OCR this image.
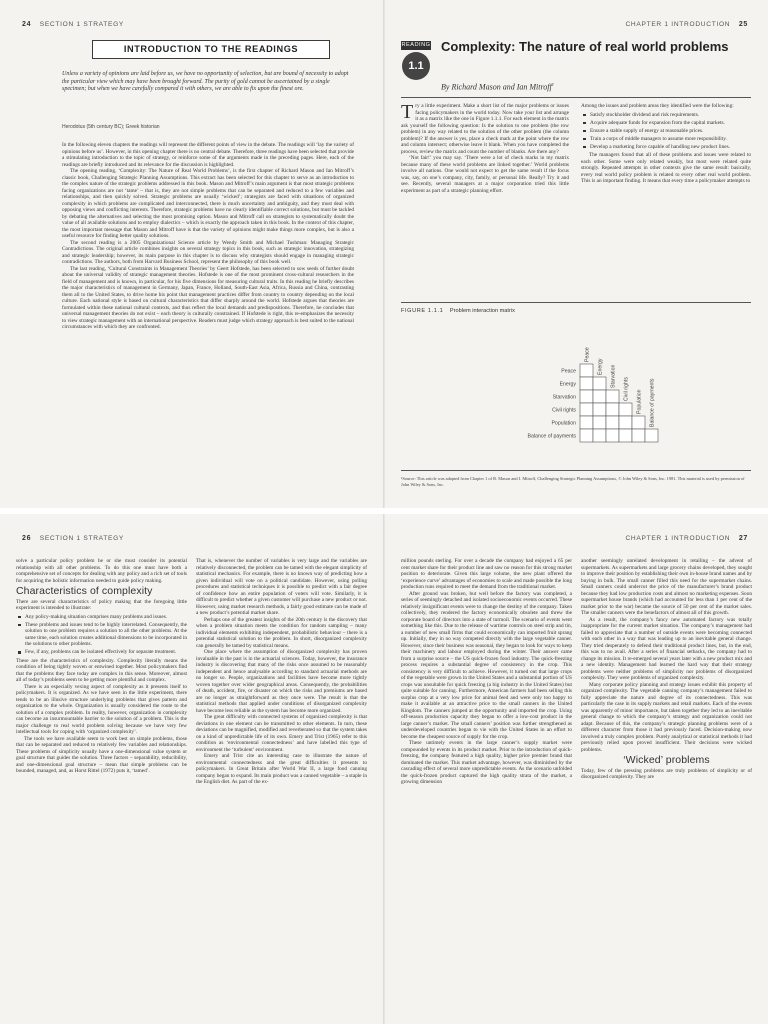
24 SECTION 1 STRATEGY
INTRODUCTION TO THE READINGS
Unless a variety of opinions are laid before us, we have no opportunity of selection, but are bound of necessity to adopt the particular view which may have been brought forward. The purity of gold cannot be ascertained by a single specimen; but when we have carefully compared it with others, we are able to fix upon the finest ore.
Herodotus (5th century BC); Greek historian

In the following eleven chapters the readings will represent the different points of view in the debate. The readings will ‘lay the variety of opinions before us’. However, in this opening chapter there is no central debate. Therefore, three readings have been selected that provide a stimulating introduction to the topic of strategy, or reinforce some of the arguments made in the preceding pages. Here, each of the readings are briefly introduced and its relevance for the discussion is highlighted.

The opening reading, ‘Complexity: The Nature of Real World Problems’, is the first chapter of Richard Mason and Ian Mitroff’s classic book, Challenging Strategic Planning Assumptions. This extract has been selected for this chapter to serve as an introduction to the complex nature of the strategic problems addressed in this book. Mason and Mitroff’s main argument is that most strategic problems facing organizations are not ‘tame’ – that is, they are not simple problems that can be separated and reduced to a few variables and relationships, and then quickly solved. Strategic problems are usually ‘wicked’; strategists are faced with situations of organized complexity in which problems are complicated and interconnected, there is much uncertainty and ambiguity, and they must deal with opposing views and conflicting interests. Therefore, strategic problems have no clearly identifiable correct solutions, but must be tackled by debating the alternatives and selecting the most promising option. Mason and Mitroff call on strategists to systematically doubt the value of all available solutions and to employ dialectics – which is exactly the approach taken in this book. In the context of this chapter, the most important message that Mason and Mitroff have is that the variety of opinions might make things more complex, but is also a useful resource for finding better quality solutions.

The second reading is a 2005 Organizational Science article by Wendy Smith and Michael Tushman: Managing Strategic Contradictions. The original article combines insights on several strategy topics in this book, such as strategic innovation, strategizing and strategic leadership; however, its main purpose in this chapter is to discuss why strategists should engage in managing strategic contradictions. The authors, both from Harvard Business School, represent the philosophy of this book well.

The last reading, ‘Cultural Constraints in Management Theories’ by Geert Hofstede, has been selected to sow seeds of further doubt about the universal validity of strategic management theories. Hofstede is one of the most prominent cross-cultural researchers in the field of management and is known, in particular, for his five dimensions for measuring cultural traits. In this reading he briefly describes the major characteristics of management in Germany, Japan, France, Holland, South-East Asia, Africa, Russia and China, contrasting them all to the United States, to drive home his point that management practices differ from country to country depending on the local culture. Each national style is based on cultural characteristics that differ sharply around the world. Hofstede argues that theories are formulated within these national cultural contexts, and thus reflect the local demands and predispositions. Therefore, he concludes that universal management theories do not exist – each theory is culturally constrained. If Hofstede is right, this re-emphasizes the necessity to view strategic management with an international perspective. Readers must judge which strategy approach is best suited to the national circumstances with which they are confronted.

CHAPTER 1 INTRODUCTION 25
READING
1.1
Complexity: The nature of real world problems
By Richard Mason and Ian Mitroff$^1$

Try a little experiment. Make a short list of the major problems or issues facing policymakers in the world today. Now take your list and arrange it as a matrix like the one in Figure 1.1.1. For each element in the matrix ask yourself the following question: Is the solution to one problem (the row problem) in any way related to the solution of the other problem (the column problem)? If the answer is yes, place a check mark at the point where the row and column intersect; otherwise leave it blank. When you have completed the process, review the matrix and count the number of blanks. Are there any?

‘Not fair!’ you may say. ‘There were a lot of check marks in my matrix because many of these world problems are linked together.’ World problems involve all nations. One would not expect to get the same result if the focus was, say, on one’s company, city, family, or personal life. Really? Try it and see. Recently, several managers at a major corporation tried this little experiment as part of a strategic planning effort.

Among the issues and problem areas they identified were the following:

Satisfy stockholder dividend and risk requirements.
Acquire adequate funds for expansion from the capital markets.
Ensure a stable supply of energy at reasonable prices.
Train a corps of middle managers to assume more responsibility.
Develop a marketing force capable of handling new product lines.

The managers found that all of these problems and issues were related to each other. Some were only related weakly, but most were related quite strongly. Repeated attempts in other contexts give the same result: basically, every real world policy problem is related to every other real world problem. This is an important finding. It means that every time a policymaker attempts to

FIGURE 1.1.1 Problem interaction matrix
Peace
Energy Starvation
Civil rights
Population Balance of payments
Peace
Energy
Starvation
Civil rights
Population
Balance of payments
¹Source: This article was adapted from Chapter 1 of R. Mason and I. Mitroff, Challenging Strategic Planning Assumptions, © John Wiley & Sons, Inc. 1981. This material is used by permission of John Wiley & Sons, Inc.
26 SECTION 1 STRATEGY

solve a particular policy problem he or she must consider its potential relationship with all other problems. To do this one must have both a comprehensive set of concepts for dealing with any policy and a rich set of tools for acquiring the holistic information needed to guide policy making.

Characteristics of complexity

There are several characteristics of policy making that the foregoing little experiment is intended to illustrate:

Any policy-making situation comprises many problems and issues.
These problems and issues tend to be highly interrelated. Consequently, the solution to one problem requires a solution to all the other problems. At the same time, each solution creates additional dimensions to be incorporated in the solutions to other problems.
Few, if any, problems can be isolated effectively for separate treatment.

These are the characteristics of complexity. Complexity literally means the condition of being tightly woven or entwined together. Most policymakers find that the problems they face today are complex in this sense. Moreover, almost all of today’s problems seem to be getting more plentiful and complex.

There is an especially vexing aspect of complexity as it presents itself to policymakers. It is organized. As we have seen in the little experiment, there tends to be an illusive structure underlying problems that gives pattern and organization to the whole. Organization is usually considered the route to the solution of a complex problem. In reality, however, organization in complexity can become an insurmountable barrier to the solution of a problem. This is the major challenge to real world problem solving because we have very few intellectual tools for coping with ‘organized complexity’.

The tools we have available seem to work best on simple problems, those that can be separated and reduced to relatively few variables and relationships. These problems of simplicity usually have a one-dimensional value system or goal structure that guides the solution. Three factors – separability, reducibility, and one-dimensional goal structure – mean that simple problems can be bounded, managed, and, as Horst Rittel (1972) puts it, ‘tamed’.

That is, whenever the number of variables is very large and the variables are relatively disconnected, the problem can be tamed with the elegant simplicity of statistical mechanics. For example, there is no known way of predicting how a given individual will vote on a political candidate. However, using polling procedures and statistical techniques it is possible to predict with a fair degree of confidence how an entire population of voters will vote. Similarly, it is difficult to predict whether a given customer will purchase a new product or not. However, using market research methods, a fairly good estimate can be made of a new product’s potential market share.

Perhaps one of the greatest insights of the 20th century is the discovery that when a problem situation meets the condition for random sampling – many individual elements exhibiting independent, probabilistic behaviour – there is a potential statistical solution to the problem. In short, disorganized complexity can generally be tamed by statistical means.

One place where the assumption of disorganized complexity has proven invaluable in the past is in the actuarial sciences. Today, however, the insurance industry is discovering that many of the risks once assumed to be reasonably independent and hence analysable according to standard actuarial methods are no longer so. People, organizations and facilities have become more tightly woven together over wider geographical areas. Consequently, the probabilities of death, accident, fire, or disaster on which the risks and premiums are based are no longer as straightforward as they once were. The result is that the statistical methods that applied under conditions of disorganized complexity have become less reliable as the system has become more organized.

The great difficulty with connected systems of organized complexity is that deviations in one element can be transmitted to other elements. In turn, these deviations can be magnified, modified and reverberated so that the system takes on a kind of unpredictable life of its own. Emery and Trist (1965) refer to this condition as ‘environmental connectedness’ and have labelled this type of environment the ‘turbulent’ environment.

Emery and Trist cite an interesting case to illustrate the nature of environmental connectedness and the great difficulties it presents to policymakers. In Great Britain after World War II, a large food canning company began to expand. Its main product was a canned vegetable – a staple in the English diet. As part of the ex-

CHAPTER 1 INTRODUCTION 27

million pounds sterling. For over a decade the company had enjoyed a 65 per cent market share for their product line and saw no reason for this strong market position to deteriorate. Given this large volume, the new plant offered the ‘experience curve’ advantages of economies to scale and made possible the long production runs required to meet the demand from the traditional market.

After ground was broken, but well before the factory was completed, a series of seemingly detached and isolated socioeconomic events occurred. These relatively insignificant events were to change the destiny of the company. Taken collectively, they rendered the factory economically obsolete and threw the corporate board of directors into a state of turmoil. The scenario of events went something like this. Due to the release of wartime controls on steel strip and tin, a number of new small firms that could economically can imported fruit sprang up. Initially, they in no way competed directly with the large vegetable canner. However, since their business was seasonal, they began to look for ways to keep their machinery and labour employed during the winter. Their answer came from a surprise source – the US quick-frozen food industry. The quick-freezing process requires a substantial degree of consistency in the crop. This consistency is very difficult to achieve. However, it turned out that large crops of the vegetable were grown in the United States and a substantial portion of US crops was unsuitable for quick freezing (a big industry in the United States) but quite suitable for canning. Furthermore, American farmers had been selling this surplus crop at a very low price for animal feed and were only too happy to make it available at an attractive price to the small canners in the United Kingdom. The canners jumped at the opportunity and imported the crop. Using off-season production capacity they began to offer a low-cost product in the large canner’s market. The small canners’ position was further strengthened as underdeveloped countries began to vie with the United States in an effort to become the cheapest source of supply for the crop.

These untimely events in the large canner’s supply market were compounded by events in its product market. Prior to the introduction of quick-freezing, the company featured a high quality, higher price premier brand that dominated the market. This market advantage, however, was diminished by the cascading effect of several more unpredictable events. As the scenario unfolded the quick-frozen product captured the high quality strata of the market, a growing dimension

another seemingly unrelated development in retailing – the advent of supermarkets. As supermarkets and large grocery chains developed, they sought to improve their position by establishing their own in-house brand names and by buying in bulk. The small canner filled this need for the supermarket chains. Small canners could undercut the price of the manufacturer’s brand product because they had low production costs and almost no marketing expenses. Soon supermarket house brands (which had accounted for less than 1 per cent of the market prior to the war) became the source of 50 per cent of the market sales. The smaller canners were the benefactors of almost all of this growth.

As a result, the company’s fancy new automated factory was totally inappropriate for the current market situation. The company’s management had failed to appreciate that a number of outside events were becoming connected with each other in a way that was leading up to an inevitable general change. They tried desperately to defend their traditional product lines, but, in the end, this was to no avail. After a series of financial setbacks, the company had to change its mission. It re-emerged several years later with a new product mix and a new identity. Management had learned the hard way that their strategy problems were neither problems of simplicity nor problems of disorganized complexity. They were problems of organized complexity.

Many corporate policy planning and strategy issues exhibit this property of organized complexity. The vegetable canning company’s management failed to fully appreciate the nature and degree of its connectedness. This was particularly the case in its supply markets and retail markets. Each of the events was apparently of minor importance, but taken together they led to an inevitable general change to which the company’s strategy and organization could not adapt. Because of this, the company’s strategic planning problems were of a different character from those it had previously faced. Decision-making now involved a truly complex problem. Purely analytical or statistical methods it had previously relied upon proved insufficient. Their decisions were wicked problems.

‘Wicked’ problems

Today, few of the pressing problems are truly problems of simplicity or of disorganized complexity. They are
